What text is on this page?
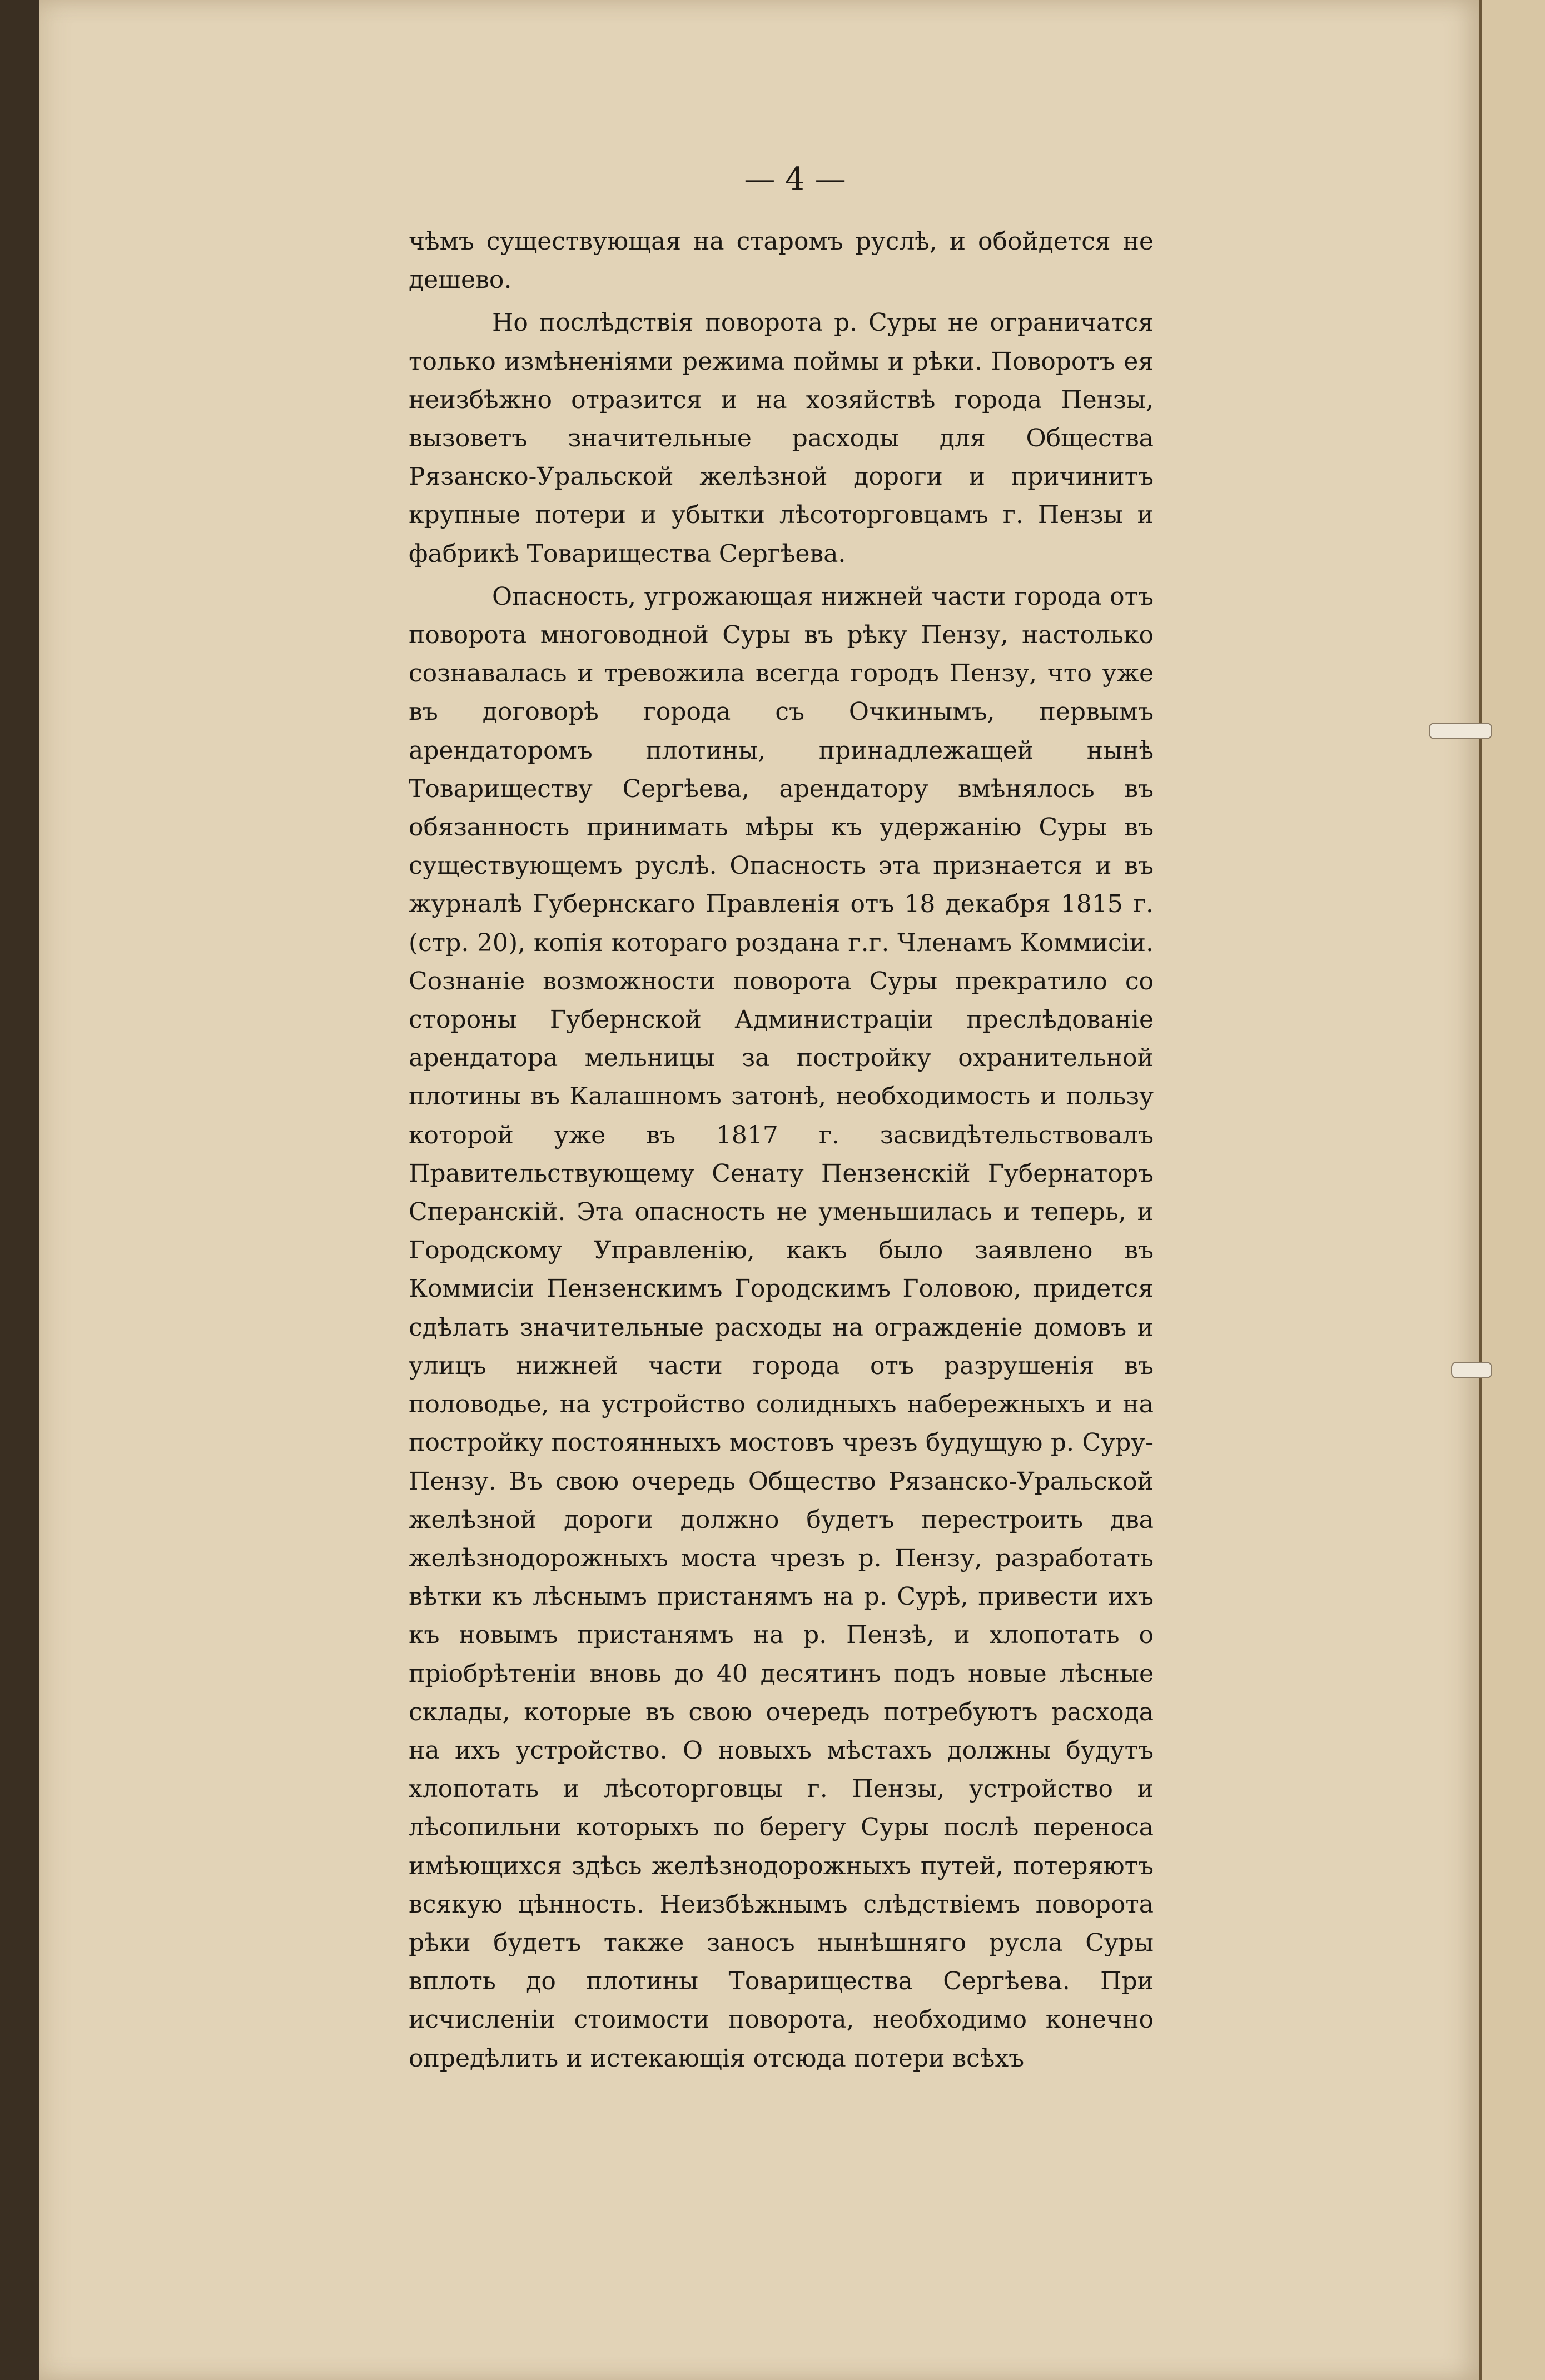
— 4 —

чѣмъ существующая на старомъ руслѣ, и обойдется не дешево.

Но послѣдствія поворота р. Суры не ограничатся только измѣненіями режима поймы и рѣки. Поворотъ ея неизбѣжно отразится и на хозяйствѣ города Пензы, вызоветъ значительные расходы для Общества Рязанско-Уральской желѣзной дороги и причинитъ крупные потери и убытки лѣсоторговцамъ г. Пензы и фабрикѣ Товарищества Сергѣева.

Опасность, угрожающая нижней части города отъ поворота многоводной Суры въ рѣку Пензу, настолько сознавалась и тревожила всегда городъ Пензу, что уже въ договорѣ города съ Очкинымъ, первымъ арендаторомъ плотины, принадлежащей нынѣ Товариществу Сергѣева, арендатору вмѣнялось въ обязанность принимать мѣры къ удержанію Суры въ существующемъ руслѣ. Опасность эта признается и въ журналѣ Губернскаго Правленія отъ 18 декабря 1815 г. (стр. 20), копія котораго роздана г.г. Членамъ Коммисіи. Сознаніе возможности поворота Суры прекратило со стороны Губернской Администраціи преслѣдованіе арендатора мельницы за постройку охранительной плотины въ Калашномъ затонѣ, необходимость и пользу которой уже въ 1817 г. засвидѣтельствовалъ Правительствующему Сенату Пензенскій Губернаторъ Сперанскій. Эта опасность не уменьшилась и теперь, и Городскому Управленію, какъ было заявлено въ Коммисіи Пензенскимъ Городскимъ Головою, придется сдѣлать значительные расходы на огражденіе домовъ и улицъ нижней части города отъ разрушенія въ половодье, на устройство солидныхъ набережныхъ и на постройку постоянныхъ мостовъ чрезъ будущую р. Суру-Пензу. Въ свою очередь Общество Рязанско-Уральской желѣзной дороги должно будетъ перестроить два желѣзнодорожныхъ моста чрезъ р. Пензу, разработать вѣтки къ лѣснымъ пристанямъ на р. Сурѣ, привести ихъ къ новымъ пристанямъ на р. Пензѣ, и хлопотать о пріобрѣтеніи вновь до 40 десятинъ подъ новые лѣсные склады, которые въ свою очередь потребуютъ расхода на ихъ устройство. О новыхъ мѣстахъ должны будутъ хлопотать и лѣсоторговцы г. Пензы, устройство и лѣсопильни которыхъ по берегу Суры послѣ переноса имѣющихся здѣсь желѣзнодорожныхъ путей, потеряютъ всякую цѣнность. Неизбѣжнымъ слѣдствіемъ поворота рѣки будетъ также заносъ нынѣшняго русла Суры вплоть до плотины Товарищества Сергѣева. При исчисленіи стоимости поворота, необходимо конечно опредѣлить и истекающія отсюда потери всѣхъ
